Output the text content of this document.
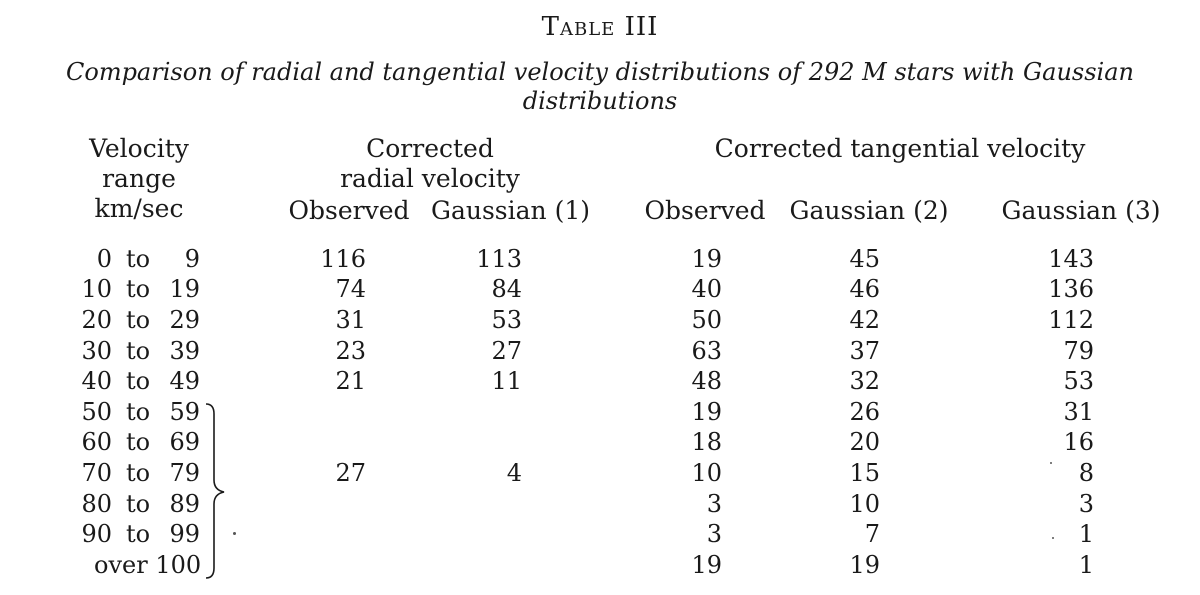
Table III
Comparison of radial and tangential velocity distributions of 292 M stars with Gaussian distributions
Velocity
range
km/sec
Corrected
radial velocity
Corrected tangential velocity
Observed Gaussian (1) Observed Gaussian (2) Gaussian (3)
0 to 9
10 to 19
20 to 29
30 to 39
40 to 49
50 to 59
60 to 69
70 to 79
80 to 89
90 to 99
over 100
116
74
31
23
21
27
113
84
53
27
11
4
19
40
50
63
48
19
18
10
3
3
19
45
46
42
37
32
26
20
15
10
7
19
143
136
112
79
53
31
16
8
3
1
1
